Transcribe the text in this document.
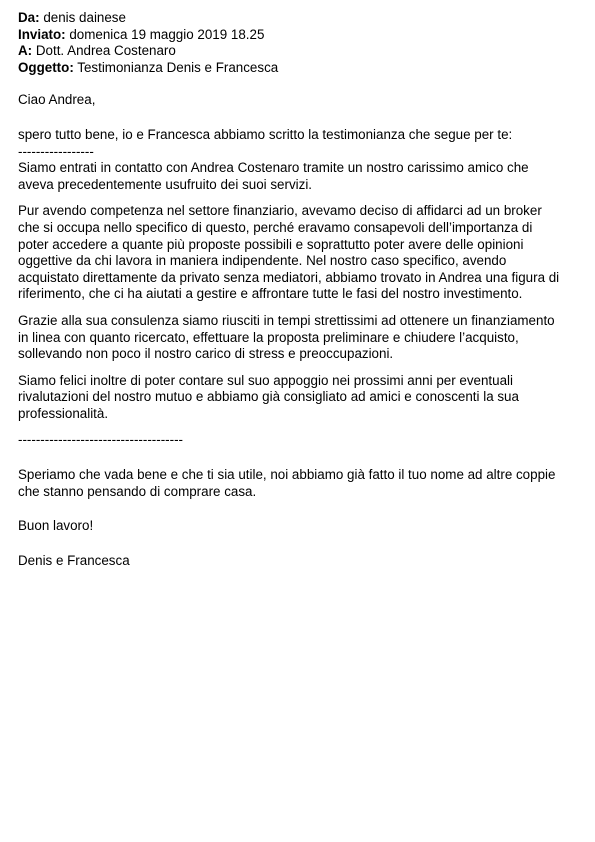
Da: denis dainese
Inviato: domenica 19 maggio 2019 18.25
A: Dott. Andrea Costenaro
Oggetto: Testimonianza Denis e Francesca

Ciao Andrea,

spero tutto bene, io e Francesca abbiamo scritto la testimonianza che segue per te:

-----------------

Siamo entrati in contatto con Andrea Costenaro tramite un nostro carissimo amico che aveva precedentemente usufruito dei suoi servizi.

Pur avendo competenza nel settore finanziario, avevamo deciso di affidarci ad un broker che si occupa nello specifico di questo, perché eravamo consapevoli dell’importanza di poter accedere a quante più proposte possibili e soprattutto poter avere delle opinioni oggettive da chi lavora in maniera indipendente. Nel nostro caso specifico, avendo acquistato direttamente da privato senza mediatori, abbiamo trovato in Andrea una figura di riferimento, che ci ha aiutati a gestire e affrontare tutte le fasi del nostro investimento.

Grazie alla sua consulenza siamo riusciti in tempi strettissimi ad ottenere un finanziamento in linea con quanto ricercato, effettuare la proposta preliminare e chiudere l’acquisto, sollevando non poco il nostro carico di stress e preoccupazioni.

Siamo felici inoltre di poter contare sul suo appoggio nei prossimi anni per eventuali rivalutazioni del nostro mutuo e abbiamo già consigliato ad amici e conoscenti la sua professionalità.

-------------------------------------

Speriamo che vada bene e che ti sia utile, noi abbiamo già fatto il tuo nome ad altre coppie che stanno pensando di comprare casa.

Buon lavoro!

Denis e Francesca
